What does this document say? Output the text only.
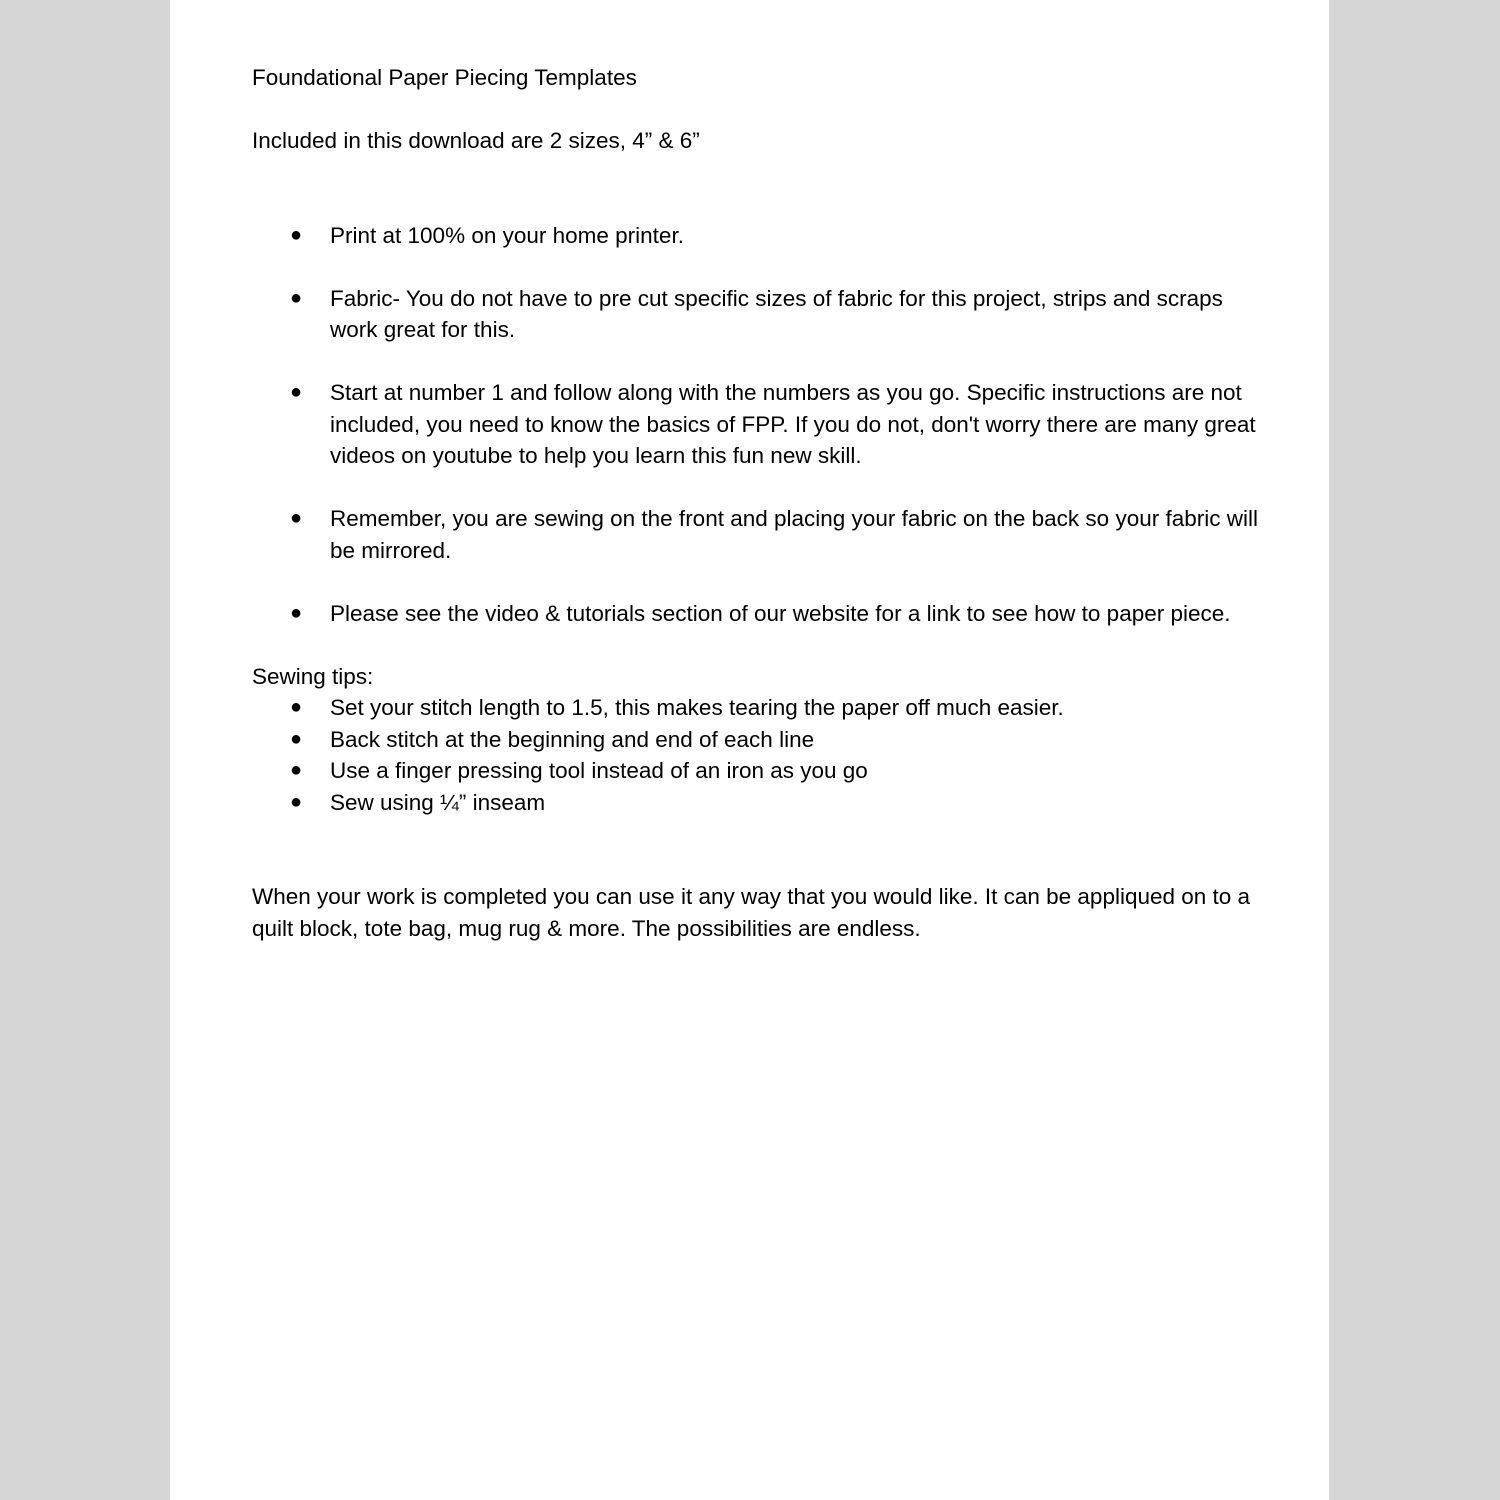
Foundational Paper Piecing Templates

Included in this download are 2 sizes, 4” & 6”

● Print at 100% on your home printer.
● Fabric- You do not have to pre cut specific sizes of fabric for this project, strips and scraps work great for this.
● Start at number 1 and follow along with the numbers as you go. Specific instructions are not included, you need to know the basics of FPP. If you do not, don't worry there are many great videos on youtube to help you learn this fun new skill.
● Remember, you are sewing on the front and placing your fabric on the back so your fabric will be mirrored.
● Please see the video & tutorials section of our website for a link to see how to paper piece.

Sewing tips:

● Set your stitch length to 1.5, this makes tearing the paper off much easier.
● Back stitch at the beginning and end of each line
● Use a finger pressing tool instead of an iron as you go
● Sew using ¼” inseam

When your work is completed you can use it any way that you would like. It can be appliqued on to a quilt block, tote bag, mug rug & more. The possibilities are endless.
